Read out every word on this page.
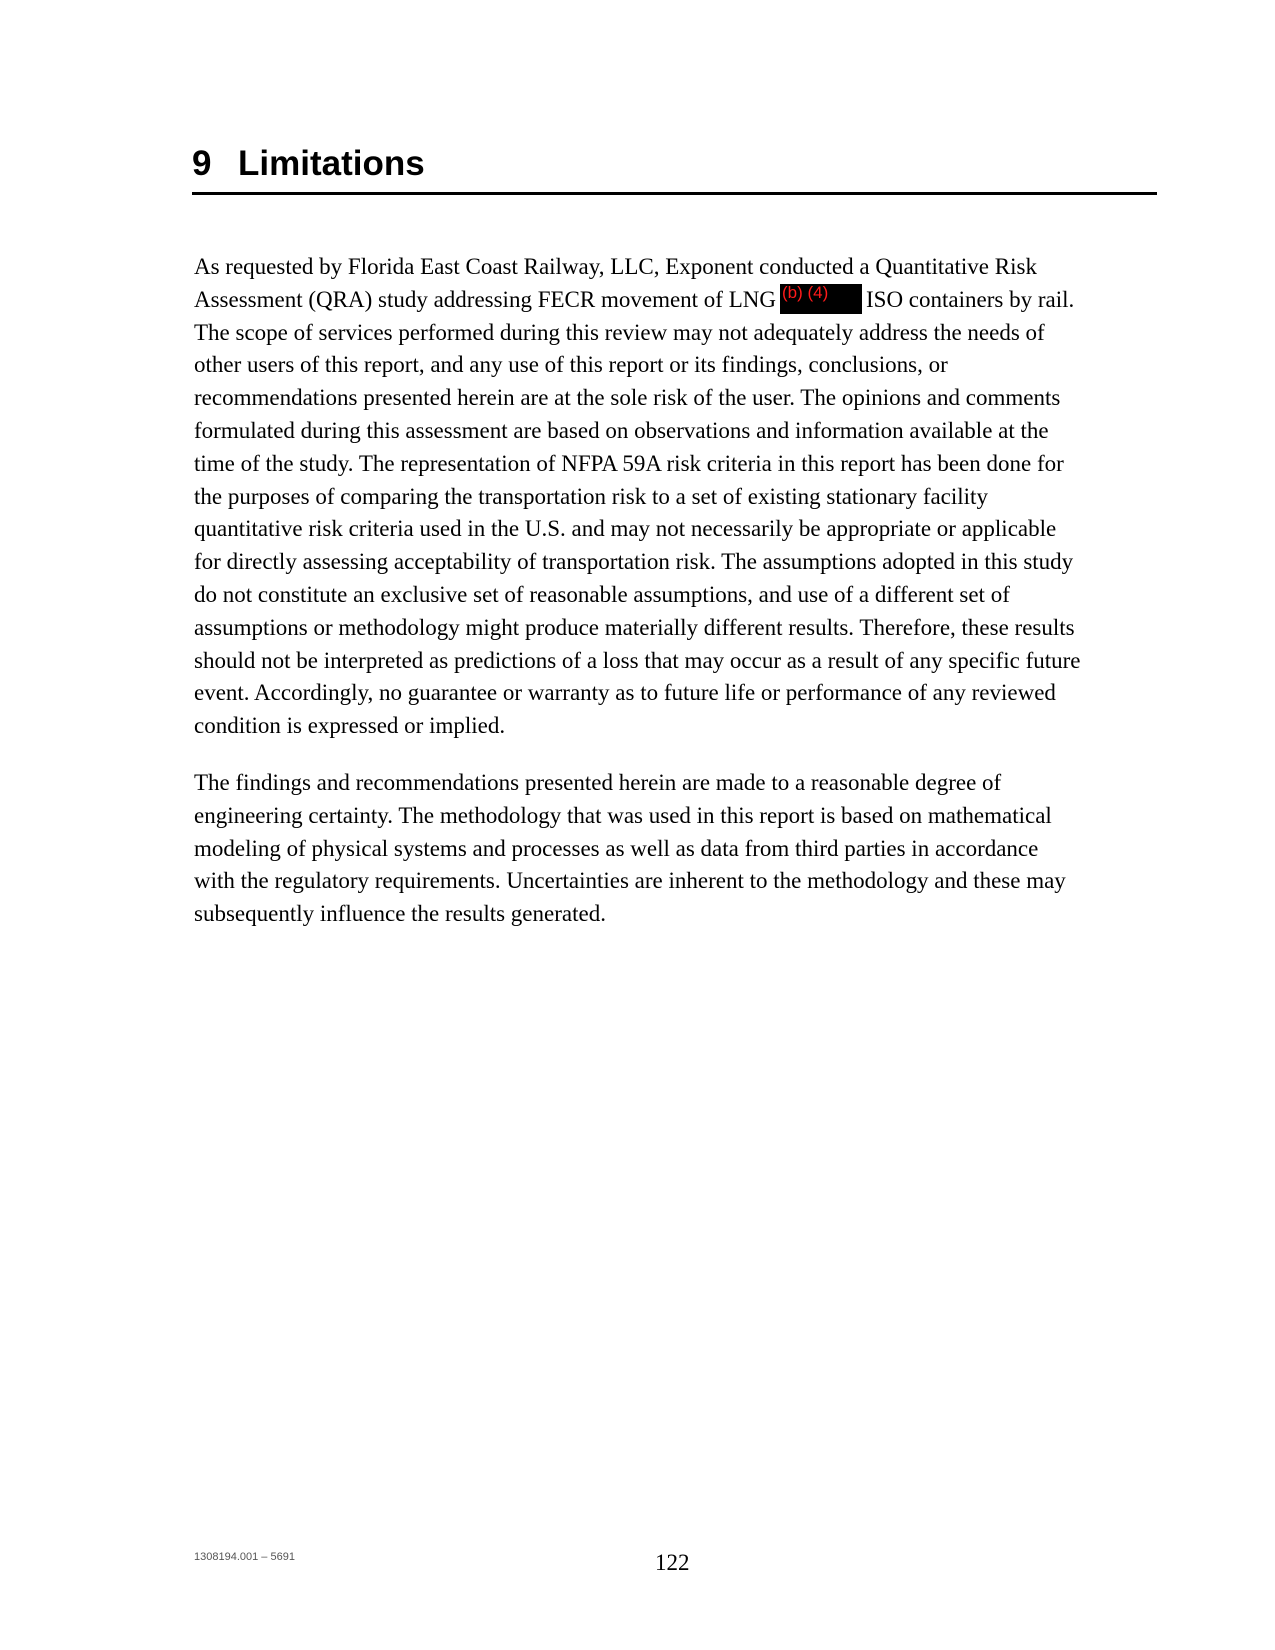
9 Limitations
As requested by Florida East Coast Railway, LLC, Exponent conducted a Quantitative Risk
Assessment (QRA) study addressing FECR movement of LNG (b) (4) ISO containers by rail.
The scope of services performed during this review may not adequately address the needs of
other users of this report, and any use of this report or its findings, conclusions, or
recommendations presented herein are at the sole risk of the user. The opinions and comments
formulated during this assessment are based on observations and information available at the
time of the study. The representation of NFPA 59A risk criteria in this report has been done for
the purposes of comparing the transportation risk to a set of existing stationary facility
quantitative risk criteria used in the U.S. and may not necessarily be appropriate or applicable
for directly assessing acceptability of transportation risk. The assumptions adopted in this study
do not constitute an exclusive set of reasonable assumptions, and use of a different set of
assumptions or methodology might produce materially different results. Therefore, these results
should not be interpreted as predictions of a loss that may occur as a result of any specific future
event. Accordingly, no guarantee or warranty as to future life or performance of any reviewed
condition is expressed or implied.
The findings and recommendations presented herein are made to a reasonable degree of
engineering certainty. The methodology that was used in this report is based on mathematical
modeling of physical systems and processes as well as data from third parties in accordance
with the regulatory requirements. Uncertainties are inherent to the methodology and these may
subsequently influence the results generated.
1308194.001 – 5691	122
